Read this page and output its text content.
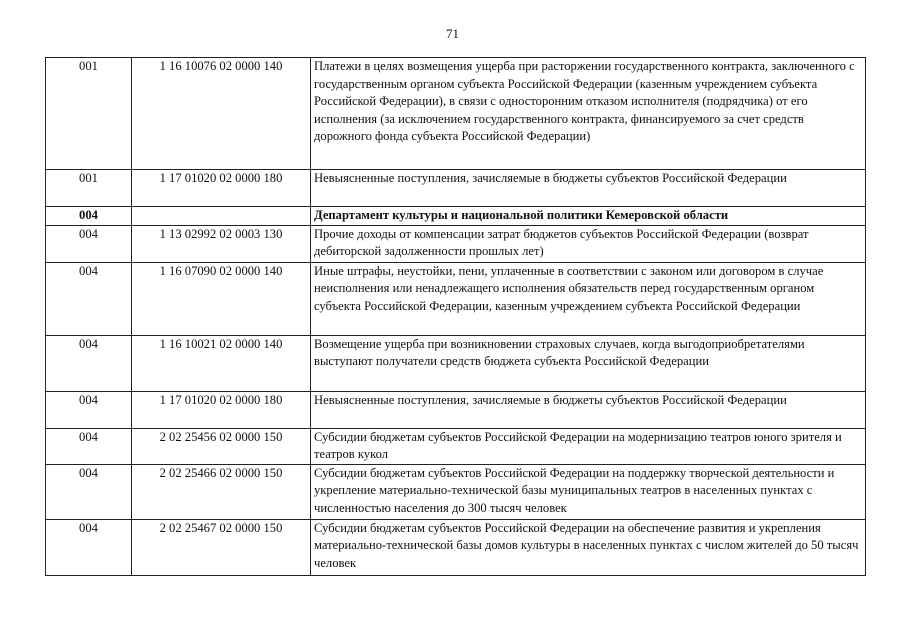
71
001	1 16 10076 02 0000 140	Платежи в целях возмещения ущерба при расторжении государственного контракта, заключенного с государственным органом субъекта Российской Федерации (казенным учреждением субъекта Российской Федерации), в связи с односторонним отказом исполнителя (подрядчика) от его исполнения (за исключением государственного контракта, финансируемого за счет средств дорожного фонда субъекта Российской Федерации)
001	1 17 01020 02 0000 180	Невыясненные поступления, зачисляемые в бюджеты субъектов Российской Федерации
004		Департамент культуры и национальной политики Кемеровской области
004	1 13 02992 02 0003 130	Прочие доходы от компенсации затрат бюджетов субъектов Российской Федерации (возврат дебиторской задолженности прошлых лет)
004	1 16 07090 02 0000 140	Иные штрафы, неустойки, пени, уплаченные в соответствии с законом или договором в случае неисполнения или ненадлежащего исполнения обязательств перед государственным органом субъекта Российской Федерации, казенным учреждением субъекта Российской Федерации
004	1 16 10021 02 0000 140	Возмещение ущерба при возникновении страховых случаев, когда выгодоприобретателями выступают получатели средств бюджета субъекта Российской Федерации
004	1 17 01020 02 0000 180	Невыясненные поступления, зачисляемые в бюджеты субъектов Российской Федерации
004	2 02 25456 02 0000 150	Субсидии бюджетам субъектов Российской Федерации на модернизацию театров юного зрителя и театров кукол
004	2 02 25466 02 0000 150	Субсидии бюджетам субъектов Российской Федерации на поддержку творческой деятельности и укрепление материально-технической базы муниципальных театров в населенных пунктах с численностью населения до 300 тысяч человек
004	2 02 25467 02 0000 150	Субсидии бюджетам субъектов Российской Федерации на обеспечение развития и укрепления материально-технической базы домов культуры в населенных пунктах с числом жителей до 50 тысяч человек
